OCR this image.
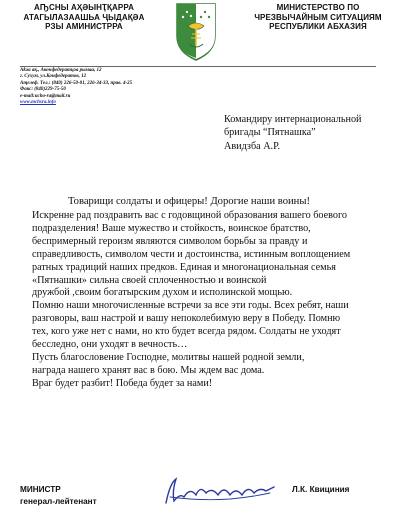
АҦСНЫ АҲӘЫНҬҚАРРА
АТАГЫЛАЗААШЬА ҶЫДАҚӘА
РЗЫ АМИНИСТРРА
МИНИСТЕРСТВО ПО
ЧРЕЗВЫЧАЙНЫМ СИТУАЦИЯМ
РЕСПУБЛИКИ АБХАЗИЯ
Аҟәа ақ., Аконфедератцәа рымҩа, 12
г. Сухум, ул.Конфедератов, 12
Аҭелеф. Тел.: (840) 226-50-01, 226-34-33, прав. 4-25
Факс: (840)229-75-50
e-mail:ucho-ra@mail.ru
www.mchsra.info
Командиру интернациональной
бригады “Пятнашка”
Авидзба А.Р.
Товарищи солдаты и офицеры! Дорогие наши воины!
Искренне рад поздравить вас с годовщиной образования вашего боевого
подразделения! Ваше мужество и стойкость, воинское братство,
беспримерный героизм являются символом борьбы за правду и
справедливость, символом чести и достоинства, истинным воплощением
ратных традиций наших предков. Единая и многонациональная семья
«Пятнашки» сильна своей сплоченностью и воинской
дружбой ,своим богатырским духом и исполинской мощью.
Помню наши многочисленные встречи за все эти годы. Всех ребят, наши
разговоры, ваш настрой и вашу непоколебимую веру в Победу. Помню
тех, кого уже нет с нами, но кто будет всегда рядом. Солдаты не уходят
бесследно, они уходят в вечность…
Пусть благословение Господне, молитвы нашей родной земли,
награда нашего хранят вас в бою. Мы ждем вас дома.
Враг будет разбит! Победа будет за нами!
МИНИСТР
генерал-лейтенант
Л.К. Квициния
